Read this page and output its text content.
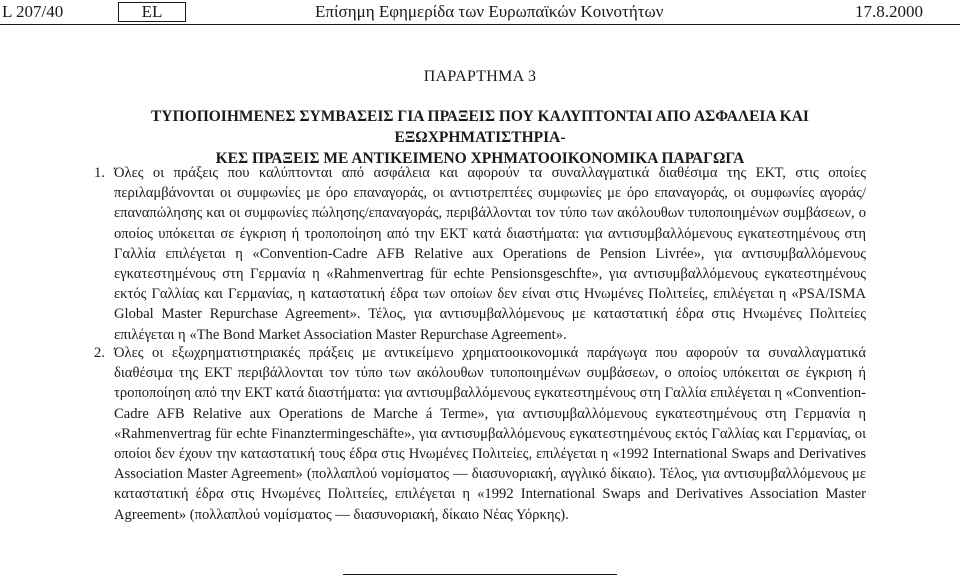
L 207/40	EL	Επίσημη Εφημερίδα των Ευρωπαϊκών Κοινοτήτων	17.8.2000
ΠΑΡΑΡΤΗΜΑ 3
ΤΥΠΟΠΟΙΗΜΕΝΕΣ ΣΥΜΒΑΣΕΙΣ ΓΙΑ ΠΡΑΞΕΙΣ ΠΟΥ ΚΑΛΥΠΤΟΝΤΑΙ ΑΠΟ ΑΣΦΑΛΕΙΑ ΚΑΙ ΕΞΩΧΡΗΜΑΤΙΣΤΗΡΙΑ-
ΚΕΣ ΠΡΑΞΕΙΣ ΜΕ ΑΝΤΙΚΕΙΜΕΝΟ ΧΡΗΜΑΤΟΟΙΚΟΝΟΜΙΚΑ ΠΑΡΑΓΩΓΑ
1. Όλες οι πράξεις που καλύπτονται από ασφάλεια και αφορούν τα συναλλαγματικά διαθέσιμα της ΕΚΤ, στις οποίες περιλαμβάνονται οι συμφωνίες με όρο επαναγοράς, οι αντιστρεπτέες συμφωνίες με όρο επαναγοράς, οι συμφωνίες αγοράς/επαναπώλησης και οι συμφωνίες πώλησης/επαναγοράς, περιβάλλονται τον τύπο των ακόλουθων τυποποιημένων συμβάσεων, ο οποίος υπόκειται σε έγκριση ή τροποποίηση από την ΕΚΤ κατά διαστήματα: για αντισυμβαλλόμενους εγκατεστημένους στη Γαλλία επιλέγεται η «Convention-Cadre AFB Relative aux Operations de Pension Livrée», για αντισυμβαλλόμενους εγκατεστημένους στη Γερμανία η «Rahmenvertrag für echte Pensionsgeschfte», για αντισυμβαλλόμενους εγκατεστημένους εκτός Γαλλίας και Γερμανίας, η καταστατική έδρα των οποίων δεν είναι στις Ηνωμένες Πολιτείες, επιλέγεται η «PSA/ISMA Global Master Repurchase Agreement». Τέλος, για αντισυμβαλλόμενους με καταστατική έδρα στις Ηνωμένες Πολιτείες επιλέγεται η «The Bond Market Association Master Repurchase Agreement».
2. Όλες οι εξωχρηματιστηριακές πράξεις με αντικείμενο χρηματοοικονομικά παράγωγα που αφορούν τα συναλλαγματικά διαθέσιμα της ΕΚΤ περιβάλλονται τον τύπο των ακόλουθων τυποποιημένων συμβάσεων, ο οποίος υπόκειται σε έγκριση ή τροποποίηση από την ΕΚΤ κατά διαστήματα: για αντισυμβαλλόμενους εγκατεστημένους στη Γαλλία επιλέγεται η «Convention-Cadre AFB Relative aux Operations de Marche á Terme», για αντισυμβαλλόμενους εγκατεστημένους στη Γερμανία η «Rahmenvertrag für echte Finanztermingeschäfte», για αντισυμβαλλόμενους εγκατεστημένους εκτός Γαλλίας και Γερμανίας, οι οποίοι δεν έχουν την καταστατική τους έδρα στις Ηνωμένες Πολιτείες, επιλέγεται η «1992 International Swaps and Derivatives Association Master Agreement» (πολλαπλού νομίσματος — διασυνοριακή, αγγλικό δίκαιο). Τέλος, για αντισυμβαλλόμενους με καταστατική έδρα στις Ηνωμένες Πολιτείες, επιλέγεται η «1992 International Swaps and Derivatives Association Master Agreement» (πολλαπλού νομίσματος — διασυνοριακή, δίκαιο Νέας Υόρκης).
